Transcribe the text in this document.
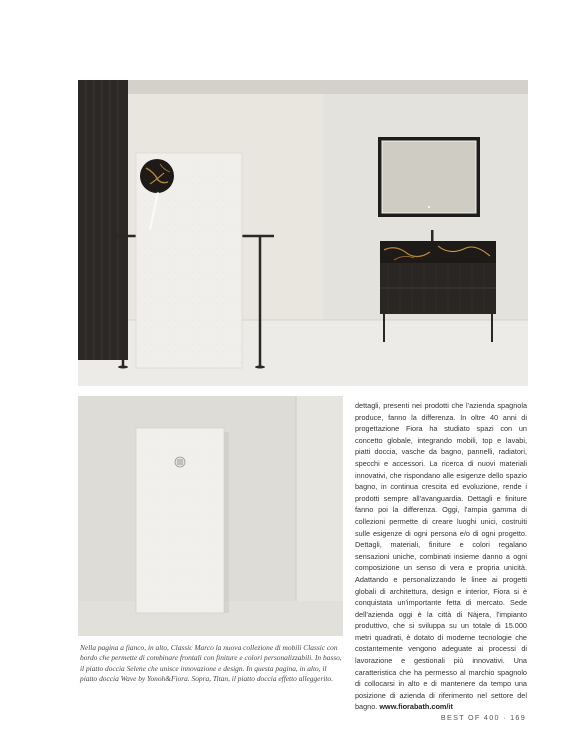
dettagli, presenti nei prodotti che l'azienda spagnola produce, fanno la differenza. In oltre 40 anni di progettazione Fiora ha studiato spazi con un concetto globale, integrando mobili, top e lavabi, piatti doccia, vasche da bagno, pannelli, radiatori, specchi e accessori. La ricerca di nuovi materiali innovativi, che rispondano alle esigenze dello spazio bagno, in continua crescita ed evoluzione, rende i prodotti sempre all'avanguardia. Dettagli e finiture fanno poi la differenza. Oggi, l'ampia gamma di collezioni permette di creare luoghi unici, costruiti sulle esigenze di ogni persona e/o di ogni progetto. Dettagli, materiali, finiture e colori regalano sensazioni uniche, combinati insieme danno a ogni composizione un senso di vera e propria unicità. Adattando e personalizzando le linee ai progetti globali di architettura, design e interior, Fiora si è conquistata un'importante fetta di mercato. Sede dell'azienda oggi è la città di Nàjera, l'impianto produttivo, che si sviluppa su un totale di 15.000 metri quadrati, è dotato di moderne tecnologie che costantemente vengono adeguate ai processi di lavorazione e gestionali più innovativi. Una caratteristica che ha permesso al marchio spagnolo di collocarsi in alto e di mantenere da tempo una posizione di azienda di riferimento nel settore del bagno. www.fiorabath.com/it
Nella pagina a fianco, in alto, Classic Marco la nuova collezione di mobili Classic con bordo che permette di combinare frontali con finiture e colori personalizzabili. In basso, il piatto doccia Selene che unisce innovazione e design. In questa pagina, in alto, il piatto doccia Wave by Yonoh&Fiora. Sopra, Titan, il piatto doccia effetto alleggerito.
BEST OF 400 · 169
